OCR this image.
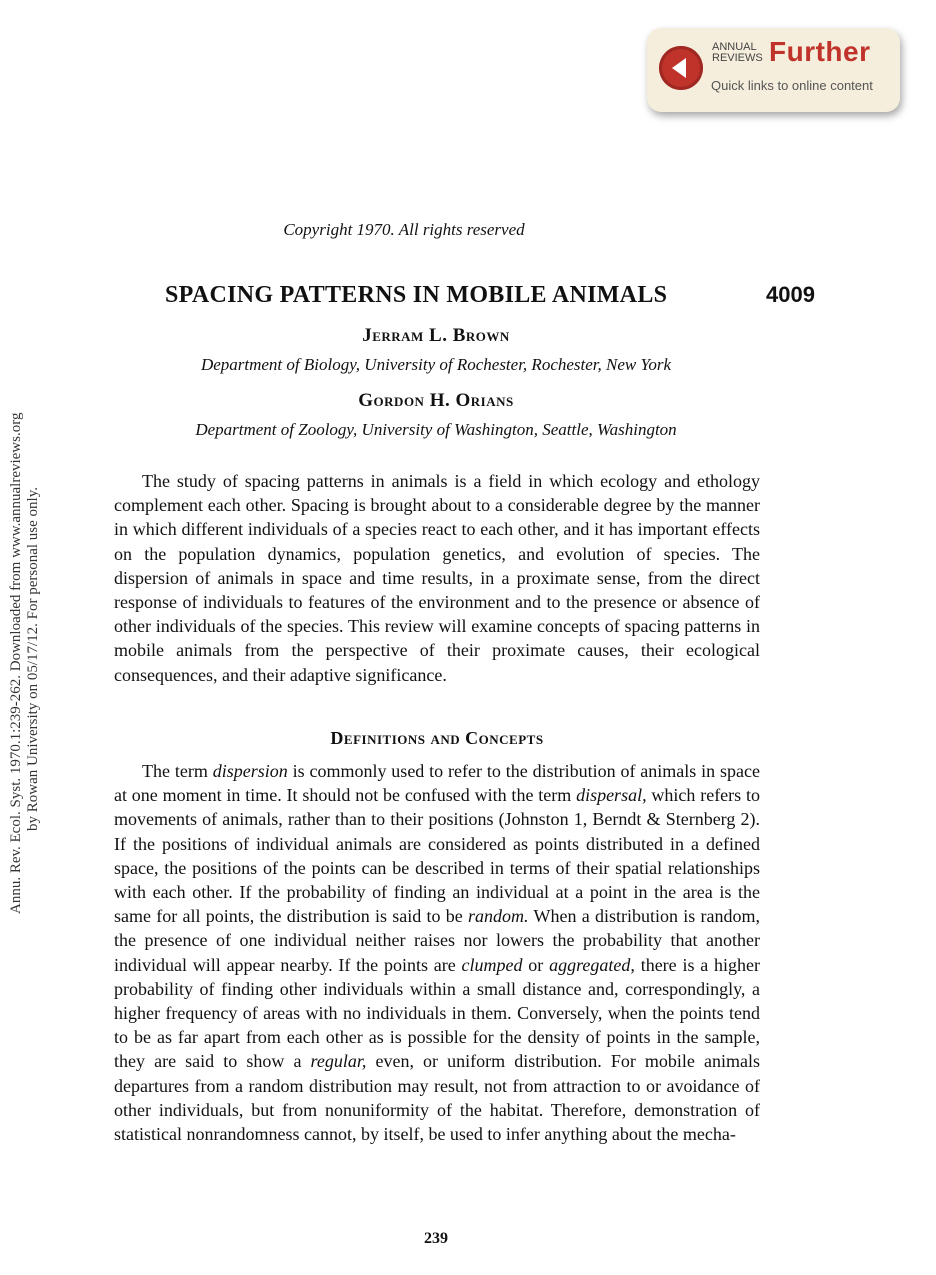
ANNUAL
REVIEWS Further
Quick links to online content
Annu. Rev. Ecol. Syst. 1970.1:239-262. Downloaded from www.annualreviews.org by Rowan University on 05/17/12. For personal use only.
Copyright 1970. All rights reserved
SPACING PATTERNS IN MOBILE ANIMALS	4009
Jerram L. Brown
Department of Biology, University of Rochester, Rochester, New York
Gordon H. Orians
Department of Zoology, University of Washington, Seattle, Washington

The study of spacing patterns in animals is a field in which ecology and ethology complement each other. Spacing is brought about to a considerable degree by the manner in which different individuals of a species react to each other, and it has important effects on the population dynamics, population genetics, and evolution of species. The dispersion of animals in space and time results, in a proximate sense, from the direct response of individuals to features of the environment and to the presence or absence of other individuals of the species. This review will examine concepts of spacing patterns in mobile animals from the perspective of their proximate causes, their ecological consequences, and their adaptive significance.

Definitions and Concepts

The term dispersion is commonly used to refer to the distribution of animals in space at one moment in time. It should not be confused with the term dispersal, which refers to movements of animals, rather than to their positions (Johnston 1, Berndt & Sternberg 2). If the positions of individual animals are considered as points distributed in a defined space, the positions of the points can be described in terms of their spatial relationships with each other. If the probability of finding an individual at a point in the area is the same for all points, the distribution is said to be random. When a distribution is random, the presence of one individual neither raises nor lowers the probability that another individual will appear nearby. If the points are clumped or aggregated, there is a higher probability of finding other individuals within a small distance and, correspondingly, a higher frequency of areas with no individuals in them. Conversely, when the points tend to be as far apart from each other as is possible for the density of points in the sample, they are said to show a regular, even, or uniform distribution. For mobile animals departures from a random distribution may result, not from attraction to or avoidance of other individuals, but from nonuniformity of the habitat. Therefore, demonstration of statistical nonrandomness cannot, by itself, be used to infer anything about the mecha-

239
